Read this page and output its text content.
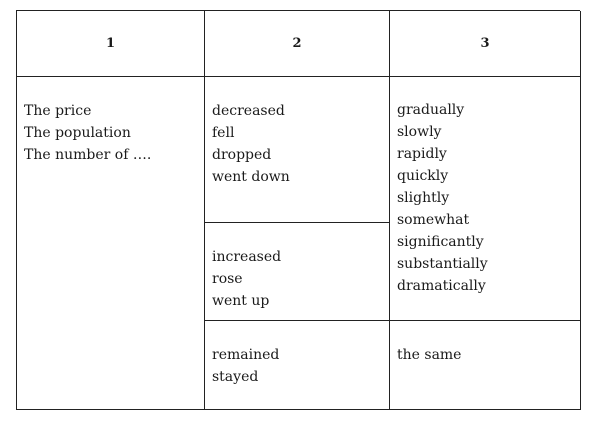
1	2	3
The price
The population
The number of ….
decreased
fell
dropped
went down
increased
rose
went up
remained
stayed
gradually
slowly
rapidly
quickly
slightly
somewhat
significantly
substantially
dramatically
the same
